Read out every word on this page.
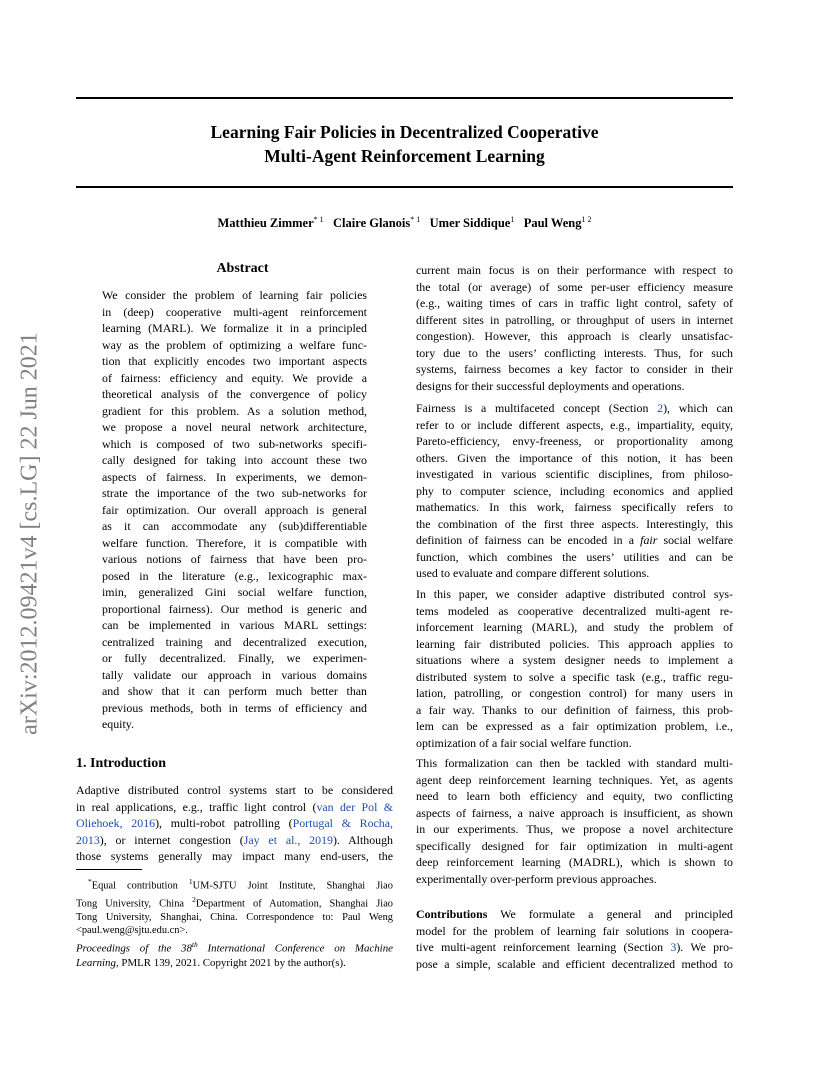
arXiv:2012.09421v4 [cs.LG] 22 Jun 2021
Learning Fair Policies in Decentralized Cooperative
Multi-Agent Reinforcement Learning
Matthieu Zimmer$^{* 1}$ Claire Glanois$^{* 1}$ Umer Siddique$^1$ Paul Weng$^{1 2}$
Abstract
We consider the problem of learning fair policies
in (deep) cooperative multi-agent reinforcement
learning (MARL). We formalize it in a principled
way as the problem of optimizing a welfare func-
tion that explicitly encodes two important aspects
of fairness: efficiency and equity. We provide a
theoretical analysis of the convergence of policy
gradient for this problem. As a solution method,
we propose a novel neural network architecture,
which is composed of two sub-networks specifi-
cally designed for taking into account these two
aspects of fairness. In experiments, we demon-
strate the importance of the two sub-networks for
fair optimization. Our overall approach is general
as it can accommodate any (sub)differentiable
welfare function. Therefore, it is compatible with
various notions of fairness that have been pro-
posed in the literature (e.g., lexicographic max-
imin, generalized Gini social welfare function,
proportional fairness). Our method is generic and
can be implemented in various MARL settings:
centralized training and decentralized execution,
or fully decentralized. Finally, we experimen-
tally validate our approach in various domains
and show that it can perform much better than
previous methods, both in terms of efficiency and
equity.
1. Introduction
Adaptive distributed control systems start to be considered
in real applications, e.g., traffic light control (van der Pol &
Oliehoek, 2016), multi-robot patrolling (Portugal & Rocha,
2013), or internet congestion (Jay et al., 2019). Although
those systems generally may impact many end-users, the
*Equal contribution $^1$UM-SJTU Joint Institute, Shanghai Jiao
Tong University, China $^2$Department of Automation, Shanghai Jiao
Tong University, Shanghai, China. Correspondence to: Paul Weng
<paul.weng@sjtu.edu.cn>.
Proceedings of the 38th International Conference on Machine
Learning, PMLR 139, 2021. Copyright 2021 by the author(s).
current main focus is on their performance with respect to
the total (or average) of some per-user efficiency measure
(e.g., waiting times of cars in traffic light control, safety of
different sites in patrolling, or throughput of users in internet
congestion). However, this approach is clearly unsatisfac-
tory due to the users’ conflicting interests. Thus, for such
systems, fairness becomes a key factor to consider in their
designs for their successful deployments and operations.
Fairness is a multifaceted concept (Section 2), which can
refer to or include different aspects, e.g., impartiality, equity,
Pareto-efficiency, envy-freeness, or proportionality among
others. Given the importance of this notion, it has been
investigated in various scientific disciplines, from philoso-
phy to computer science, including economics and applied
mathematics. In this work, fairness specifically refers to
the combination of the first three aspects. Interestingly, this
definition of fairness can be encoded in a fair social welfare
function, which combines the users’ utilities and can be
used to evaluate and compare different solutions.
In this paper, we consider adaptive distributed control sys-
tems modeled as cooperative decentralized multi-agent re-
inforcement learning (MARL), and study the problem of
learning fair distributed policies. This approach applies to
situations where a system designer needs to implement a
distributed system to solve a specific task (e.g., traffic regu-
lation, patrolling, or congestion control) for many users in
a fair way. Thanks to our definition of fairness, this prob-
lem can be expressed as a fair optimization problem, i.e.,
optimization of a fair social welfare function.
This formalization can then be tackled with standard multi-
agent deep reinforcement learning techniques. Yet, as agents
need to learn both efficiency and equity, two conflicting
aspects of fairness, a naive approach is insufficient, as shown
in our experiments. Thus, we propose a novel architecture
specifically designed for fair optimization in multi-agent
deep reinforcement learning (MADRL), which is shown to
experimentally over-perform previous approaches.
Contributions We formulate a general and principled
model for the problem of learning fair solutions in coopera-
tive multi-agent reinforcement learning (Section 3). We pro-
pose a simple, scalable and efficient decentralized method to
